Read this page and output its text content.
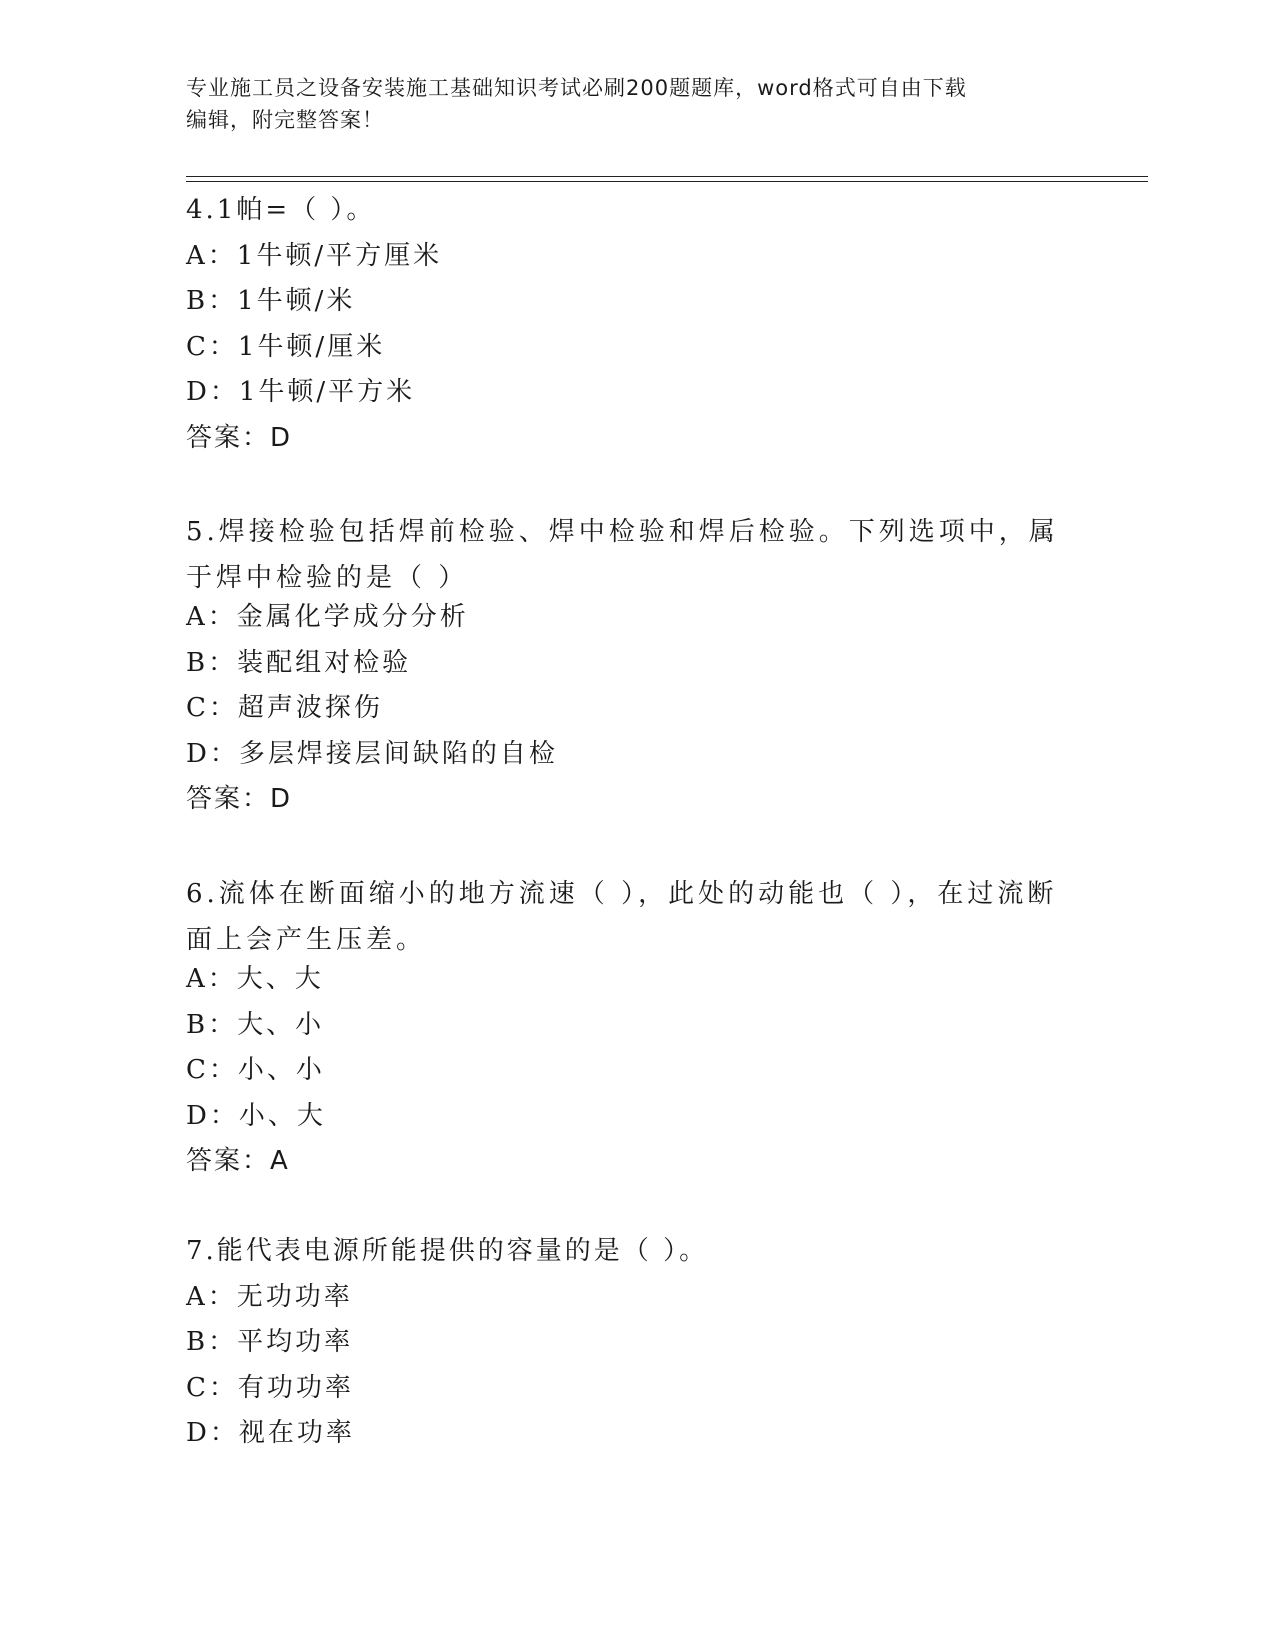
专业施工员之设备安装施工基础知识考试必刷200题题库，word格式可自由下载
编辑，附完整答案！
4.1帕=（ ）。
A：1牛顿/平方厘米
B：1牛顿/米
C：1牛顿/厘米
D：1牛顿/平方米
答案：D
5.焊接检验包括焊前检验、焊中检验和焊后检验。下列选项中，属于焊中检验的是（ ）
A：金属化学成分分析
B：装配组对检验
C：超声波探伤
D：多层焊接层间缺陷的自检
答案：D
6.流体在断面缩小的地方流速（ ），此处的动能也（ ），在过流断面上会产生压差。
A：大、大
B：大、小
C：小、小
D：小、大
答案：A
7.能代表电源所能提供的容量的是（ ）。
A：无功功率
B：平均功率
C：有功功率
D：视在功率
